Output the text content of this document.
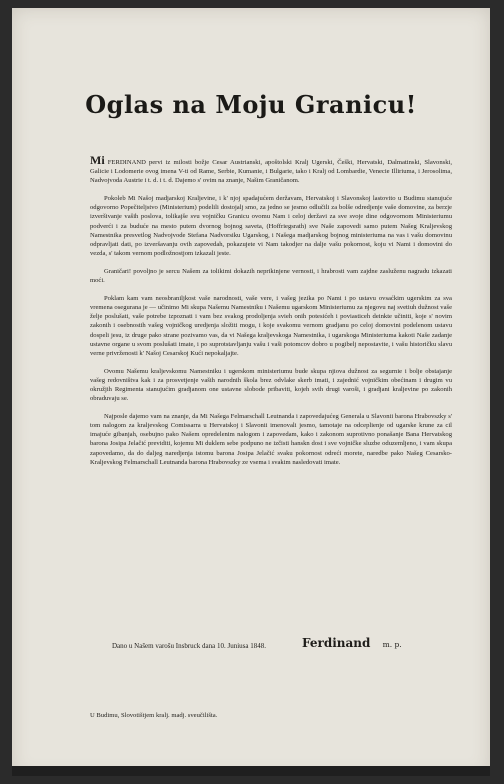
Oglas na Moju Granicu!

Mi FERDINAND pervi iz milosti božje Cesar Austrianski, apoštolski Kralj Ugerski, Češki, Hervatski, Dalmatinski, Slavonski, Galicie i Lodomerie ovog imena V-ti od Rame, Serbie, Kumanie, i Bulgarie, tako i Kralj od Lombardie, Venecie Illiriuma, i Jerosolima, Nadvojvoda Austrie i t. d. i t. d. Dajemo s' ovim na znanje, Našim Graničanom.

Pokoleb Mi Našoj madjarskoj Kraljevine, i k' njoj spadajućem deržavam, Hervatskoj i Slavonskoj lastovito u Budimu stanujuće odgovorno Popečiteljstvo (Ministerium) podelili dostojalj smo, za jedno se jesmo odlučili za bolše odredjenje vaše domovine, za berzje izveršivanje vaših poslova, tolikajše svu vojničku Granicu ovomu Nam i celoj deržavi za sve svoje dine odgovornom Ministeriumu podverći i za buduće na mesto putem dvornog bojnog saveta, (Hoffriegsrath) sve Naše zapovedi samo putem Našeg Kraljevskog Namestnika presvetlog Nadvojvode Stefana Nadvorsiku Ugarskog, i Našega madjarskog bojnog ministeriuma na vas i vašu domovinu odpravljati dati, po izveršavanju ovih zapovedah, pokazujete vi Nam takodjer na dalje vašu pokornost, koju vi Nami i domovini do vezda, s' takom vernom podložnostjom izkazali jeste.

Graničari! povoljno je sercu Našem za tolikimi dokazih neprikinjene vernosti, i hrabrosti vam zajdne zasluženu nagradu izkazati moći.

Poklam kam vam neosbraniljkost vaše narodnosti, vaše vere, i vašeg jezika po Nami i po ustavu ovsaćkim ugerskim za sva vremena osegurana je — učinimo Mi skupa Našemu Namestniku i Našemu ugarskom Ministeriumu za njegovu naj svetiuh dužnost vaše želje poslušati, vaše potrebe izpoznati i vam bez svakog prodoljenja svieh onih potesićeh i poviasticeh deinkte učiniti, koje s' novim zakonih i osebnostih vašeg vojničkog uredjenja složiti mogu, i koje svakomu vernom gradjanu po celoj domovini podelenom ustavu dospeli jesu, iz druge pako strane pozivamo vas, da vi Našega kraljevskoga Namestnika, i ugarskoga Ministeriuma kakoti Naše zadanje ustavne organe u svom poslušati imate, i po suprotstavljanju vašu i vaši potomcov dobro u pogibelj nepostavite, i vašu historičku slavu verne privrženosti k' Našoj Cesarskoj Kući nepokaljajte.

Ovomu Našemu kraljevskomu Namestniku i ugerskom ministeriumu bude skupa njiova dužnost za segurnie i bolje obstajanje vašeg redovništva kak i za prosvetjenje vaših narodnih škola brez odvlake skerb imati, i zajednić vojničkim obećinam i drugim vu okružjih Regimenta stanujućim gradjanom one ustavne slobode pribaviti, kojeh svih drugi varoši, i gradjani kraljevine po zakonih obraduvaju se.

Najposle dajemo vam na znanje, da Mi Našega Felmarschall Leutnanda i zapovedajućeg Generala u Slavonii barona Hrabovszky s' tom nalogom za kraljevskog Comissarra u Hervatskoj i Slavonii imenovali jesmo, tamotaje na odceplienje od ugarske krune za cil imajuće gibanjah, osebujno pako Našem opredelenim nalogom i zapovedam, kako i zakonom suprotivno ponašanje Bana Hervatskog barona Josipa Jelačić previditi, kojemu Mi duklem sebe podpuno ne izčisti hanskn dost i sve vojničke sluzbe oduzemljeno, i vam skupa zapovedamo, da do daljeg naredjenja istomu barona Josipa Jelačić svaku pokornost odreći morete, naredbe pako Našeg Cesarsko-Kraljevskog Felmarschall Leutnanda barona Hrabovszky ze vsema i svakim nasledovati imate.

Dano u Našem varošu Insbruck dana 10. Juniusa 1848.	Ferdinand m. p.
U Budimu, Slovotištjem kralj. madj. sveučilišta.
